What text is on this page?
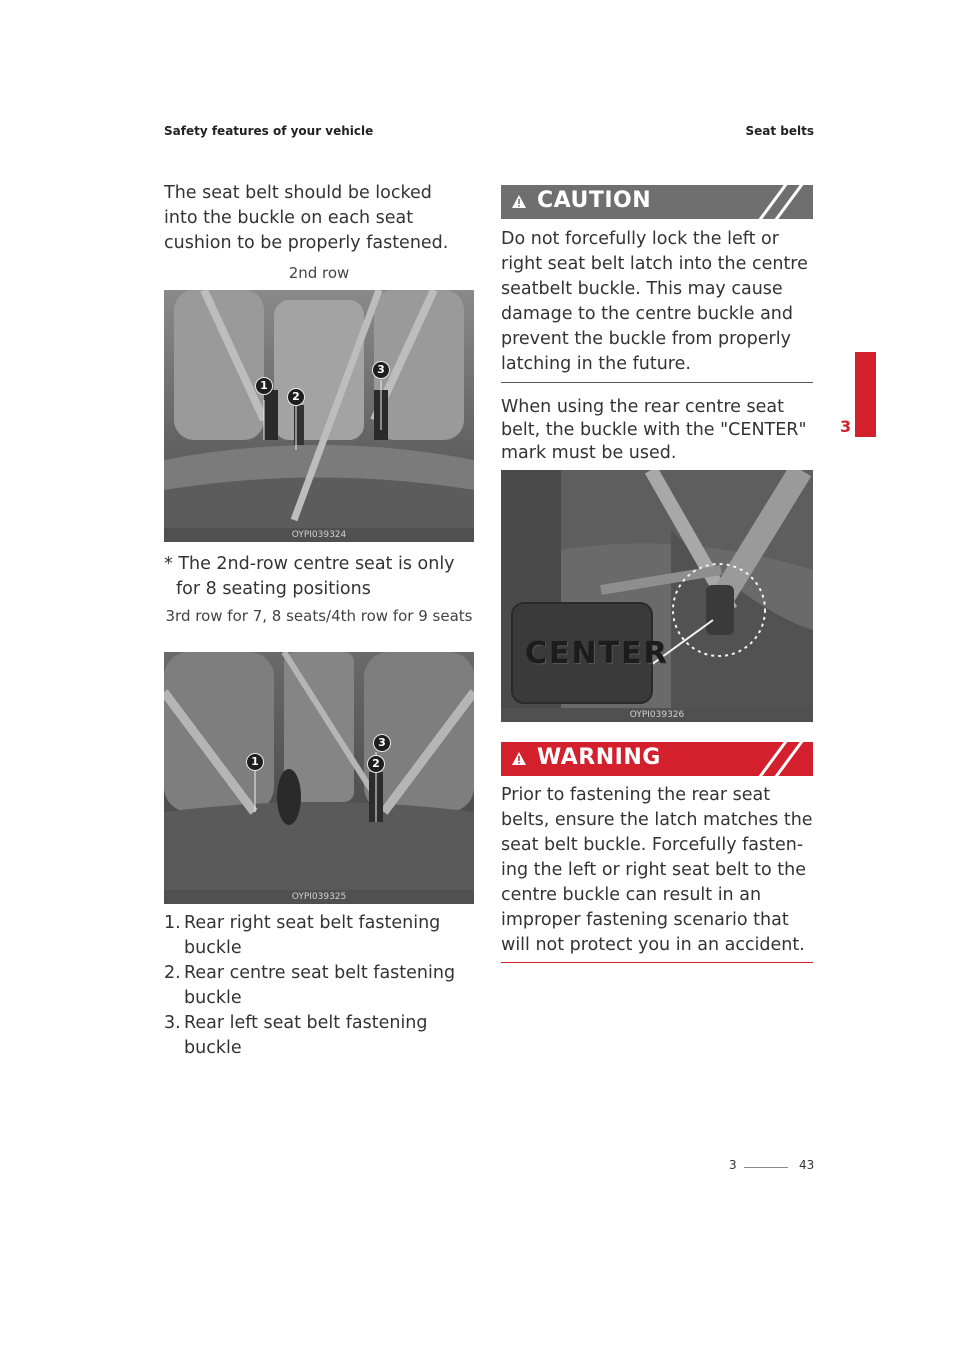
Safety features of your vehicle	Seat belts
The seat belt should be locked into the buckle on each seat cushion to be properly fastened.
2nd row
1
2
3
OYPI039324
* The 2nd-row centre seat is only for 8 seating positions
3rd row for 7, 8 seats/4th row for 9 seats
1	2
3
OYPI039325
1. Rear right seat belt fastening buckle
2. Rear centre seat belt fastening buckle
3. Rear left seat belt fastening buckle
CAUTION
Do not forcefully lock the left or right seat belt latch into the centre seatbelt buckle. This may cause damage to the centre buckle and prevent the buckle from properly latching in the future.
When using the rear centre seat belt, the buckle with the "CENTER" mark must be used.
CENTER
OYPI039326
WARNING
Prior to fastening the rear seat belts, ensure the latch matches the seat belt buckle. Forcefully fasten-ing the left or right seat belt to the centre buckle can result in an improper fastening scenario that will not protect you in an accident.
3
3	43
